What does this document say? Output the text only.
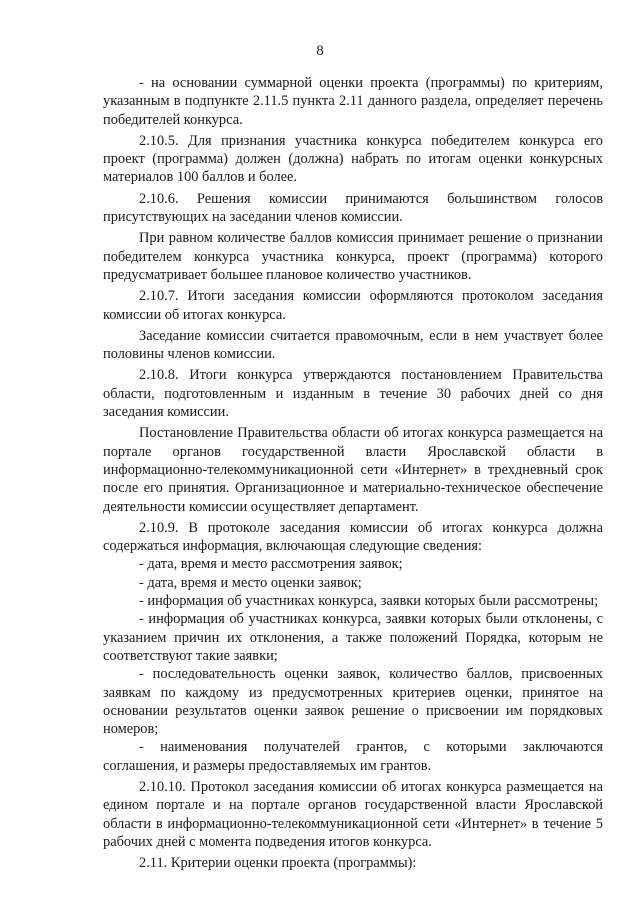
8

- на основании суммарной оценки проекта (программы) по критериям, указанным в подпункте 2.11.5 пункта 2.11 данного раздела, определяет перечень победителей конкурса.

2.10.5. Для признания участника конкурса победителем конкурса его проект (программа) должен (должна) набрать по итогам оценки конкурсных материалов 100 баллов и более.

2.10.6. Решения комиссии принимаются большинством голосов присутствующих на заседании членов комиссии.

При равном количестве баллов комиссия принимает решение о признании победителем конкурса участника конкурса, проект (программа) которого предусматривает большее плановое количество участников.

2.10.7. Итоги заседания комиссии оформляются протоколом заседания комиссии об итогах конкурса.

Заседание комиссии считается правомочным, если в нем участвует более половины членов комиссии.

2.10.8. Итоги конкурса утверждаются постановлением Правительства области, подготовленным и изданным в течение 30 рабочих дней со дня заседания комиссии.

Постановление Правительства области об итогах конкурса размещается на портале органов государственной власти Ярославской области в информационно-телекоммуникационной сети «Интернет» в трехдневный срок после его принятия. Организационное и материально-техническое обеспечение деятельности комиссии осуществляет департамент.

2.10.9. В протоколе заседания комиссии об итогах конкурса должна содержаться информация, включающая следующие сведения:

- дата, время и место рассмотрения заявок;

- дата, время и место оценки заявок;

- информация об участниках конкурса, заявки которых были рассмотрены;

- информация об участниках конкурса, заявки которых были отклонены, с указанием причин их отклонения, а также положений Порядка, которым не соответствуют такие заявки;

- последовательность оценки заявок, количество баллов, присвоенных заявкам по каждому из предусмотренных критериев оценки, принятое на основании результатов оценки заявок решение о присвоении им порядковых номеров;

- наименования получателей грантов, с которыми заключаются соглашения, и размеры предоставляемых им грантов.

2.10.10. Протокол заседания комиссии об итогах конкурса размещается на едином портале и на портале органов государственной власти Ярославской области в информационно-телекоммуникационной сети «Интернет» в течение 5 рабочих дней с момента подведения итогов конкурса.

2.11. Критерии оценки проекта (программы):
